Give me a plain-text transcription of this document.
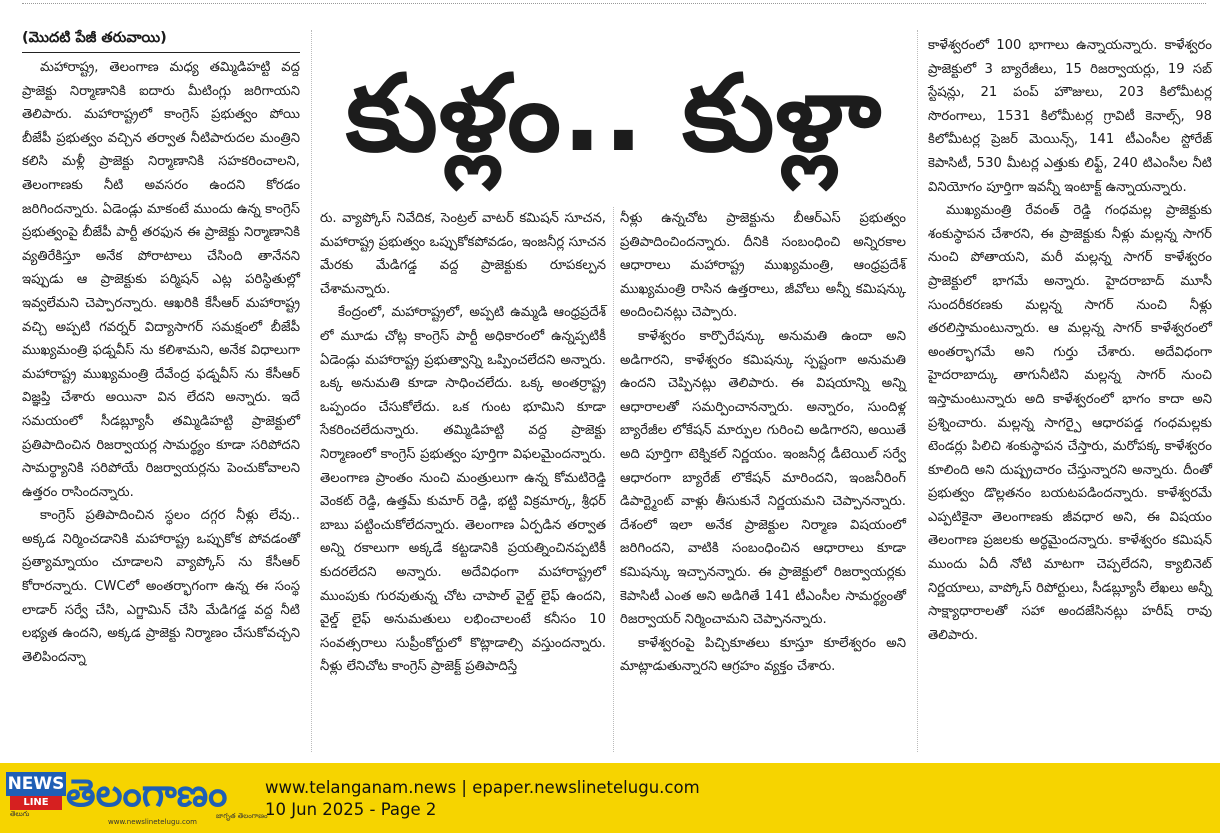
(మొదటి పేజీ తరువాయి)
కుళ్లం.. కుళ్లా

మహారాష్ట్ర, తెలంగాణ మధ్య తమ్మిడిహట్టి వద్ద ప్రాజెక్టు నిర్మాణానికి ఐదారు మీటింగ్లు జరిగాయని తెలిపారు. మహారాష్ట్రలో కాంగ్రెస్ ప్రభుత్వం పోయి బీజేపీ ప్రభుత్వం వచ్చిన తర్వాత నీటిపారుదల మంత్రిని కలిసి మళ్లీ ప్రాజెక్టు నిర్మాణానికి సహకరించాలని, తెలంగాణకు నీటి అవసరం ఉందని కోరడం జరిగిందన్నారు. ఏడెండ్లు మాకంటే ముందు ఉన్న కాంగ్రెస్ ప్రభుత్వంపై బీజేపీ పార్టీ తరఫున ఈ ప్రాజెక్టు నిర్మాణానికి వ్యతిరేకిస్తూ అనేక పోరాటాలు చేసింది తానేనని ఇప్పుడు ఆ ప్రాజెక్టుకు పర్మిషన్ ఎట్ల పరిస్థితుల్లో ఇవ్వలేమని చెప్పారన్నారు. ఆఖరికి కేసీఆర్ మహారాష్ట్ర వచ్చి అప్పటి గవర్నర్ విద్యాసాగర్ సమక్షంలో బీజేపీ ముఖ్యమంత్రి ఫడ్నవీస్ ను కలిశామని, అనేక విధాలుగా మహారాష్ట్ర ముఖ్యమంత్రి దేవేంద్ర ఫడ్నవీస్ ను కేసీఆర్ విజ్ఞప్తి చేశారు అయినా విన లేదని అన్నారు. ఇదే సమయంలో సీడబ్ల్యూసీ తమ్మిడిహట్టి ప్రాజెక్టులో ప్రతిపాదించిన రిజర్వాయర్ల సామర్థ్యం కూడా సరిపోదని సామర్థ్యానికి సరిపోయే రిజర్వాయర్లను పెంచుకోవాలని ఉత్తరం రాసిందన్నారు.

కాంగ్రెస్ ప్రతిపాదించిన స్థలం దగ్గర నీళ్లు లేవు.. అక్కడ నిర్మించడానికి మహారాష్ట్ర ఒప్పుకోక పోవడంతో ప్రత్యామ్నాయం చూడాలని వ్యాప్కోస్ ను కేసీఆర్ కోరారన్నారు. CWCలో అంతర్భాగంగా ఉన్న ఈ సంస్థ లాడార్ సర్వే చేసి, ఎగ్జామిన్ చేసి మేడిగడ్డ వద్ద నీటి లభ్యత ఉందని, అక్కడ ప్రాజెక్టు నిర్మాణం చేసుకోవచ్చని తెలిపిందన్నా

రు. వ్యాప్కోస్ నివేదిక, సెంట్రల్ వాటర్ కమిషన్ సూచన, మహారాష్ట్ర ప్రభుత్వం ఒప్పుకోకపోవడం, ఇంజనీర్ల సూచన మేరకు మేడిగడ్డ వద్ద ప్రాజెక్టుకు రూపకల్పన చేశామన్నారు.

కేంద్రంలో, మహారాష్ట్రలో, అప్పటి ఉమ్మడి ఆంధ్రప్రదేశ్ లో మూడు చోట్ల కాంగ్రెస్ పార్టీ అధికారంలో ఉన్నప్పటికీ ఏడెండ్లు మహారాష్ట్ర ప్రభుత్వాన్ని ఒప్పించలేదని అన్నారు. ఒక్క అనుమతి కూడా సాధించలేదు. ఒక్క అంతర్రాష్ట్ర ఒప్పందం చేసుకోలేదు. ఒక గుంట భూమిని కూడా సేకరించలేదున్నారు. తమ్మిడిహట్టి వద్ద ప్రాజెక్టు నిర్మాణంలో కాంగ్రెస్ ప్రభుత్వం పూర్తిగా విఫలమైందన్నారు. తెలంగాణ ప్రాంతం నుంచి మంత్రులుగా ఉన్న కోమటిరెడ్డి వెంకట్ రెడ్డి, ఉత్తమ్ కుమార్ రెడ్డి, భట్టి విక్రమార్క, శ్రీధర్ బాబు పట్టించుకోలేదన్నారు. తెలంగాణ ఏర్పడిన తర్వాత అన్ని రకాలుగా అక్కడే కట్టడానికి ప్రయత్నించినప్పటికీ కుదరలేదని అన్నారు. అదేవిధంగా మహారాష్ట్రలో ముంపుకు గురవుతున్న చోట చాపాల్ వైల్డ్ లైఫ్ ఉందని, వైల్డ్ లైఫ్ అనుమతులు లభించాలంటే కనీసం 10 సంవత్సరాలు సుప్రీంకోర్టులో కొట్లాడాల్సి వస్తుందన్నారు. నీళ్లు లేనిచోట కాంగ్రెస్ ప్రాజెక్ట్ ప్రతిపాదిస్తే

నీళ్లు ఉన్నచోట ప్రాజెక్టును బీఆర్ఎస్ ప్రభుత్వం ప్రతిపాదించిందన్నారు. దీనికి సంబంధించి అన్నిరకాల ఆధారాలు మహారాష్ట్ర ముఖ్యమంత్రి, ఆంధ్రప్రదేశ్ ముఖ్యమంత్రి రాసిన ఉత్తరాలు, జీవోలు అన్నీ కమిషన్కు అందించినట్లు చెప్పారు.

కాళేశ్వరం కార్పొరేషన్కు అనుమతి ఉందా అని అడిగారని, కాళేశ్వరం కమిషన్కు స్పష్టంగా అనుమతి ఉందని చెప్పినట్లు తెలిపారు. ఈ విషయాన్ని అన్ని ఆధారాలతో సమర్పించానన్నారు. అన్నారం, సుందిళ్ల బ్యారేజీల లోకేషన్ మార్పుల గురించి అడిగారని, అయితే అది పూర్తిగా టెక్నికల్ నిర్ణయం. ఇంజనీర్ల డీటెయిల్ సర్వే ఆధారంగా బ్యారేజ్ లొకేషన్ మారిందని, ఇంజనీరింగ్ డిపార్ట్మెంట్ వాళ్లు తీసుకునే నిర్ణయమని చెప్పానన్నారు. దేశంలో ఇలా అనేక ప్రాజెక్టుల నిర్మాణ విషయంలో జరిగిందని, వాటికి సంబంధించిన ఆధారాలు కూడా కమిషన్కు ఇచ్చానన్నారు. ఈ ప్రాజెక్టులో రిజర్వాయర్లకు కెపాసిటీ ఎంత అని అడిగితే 141 టీఎంసీల సామర్థ్యంతో రిజర్వాయర్ నిర్మించామని చెప్పానన్నారు.

కాళేశ్వరంపై పిచ్చికూతలు కూస్తూ కూలేశ్వరం అని మాట్లాడుతున్నారని ఆగ్రహం వ్యక్తం చేశారు.

కాళేశ్వరంలో 100 భాగాలు ఉన్నాయన్నారు. కాళేశ్వరం ప్రాజెక్టులో 3 బ్యారేజీలు, 15 రిజర్వాయర్లు, 19 సబ్ స్టేషన్లు, 21 పంప్ హౌజులు, 203 కిలోమీటర్ల సొరంగాలు, 1531 కిలోమీటర్ల గ్రావిటీ కెనాల్స్, 98 కిలోమీటర్ల ప్రెజర్ మెయిన్స్, 141 టీఎంసీల స్టోరేజ్ కెపాసిటీ, 530 మీటర్ల ఎత్తుకు లిఫ్ట్, 240 టిఎంసీల నీటి వినియోగం పూర్తిగా ఇవన్నీ ఇంటాక్ట్ ఉన్నాయన్నారు.

ముఖ్యమంత్రి రేవంత్ రెడ్డి గంధమల్ల ప్రాజెక్టుకు శంకుస్థాపన చేశారని, ఈ ప్రాజెక్టుకు నీళ్లు మల్లన్న సాగర్ నుంచి పోతాయని, మరీ మల్లన్న సాగర్ కాళేశ్వరం ప్రాజెక్టులో భాగమే అన్నారు. హైదరాబాద్ మూసీ సుందరీకరణకు మల్లన్న సాగర్ నుంచి నీళ్లు తరలిస్తామంటున్నారు. ఆ మల్లన్న సాగర్ కాళేశ్వరంలో అంతర్భాగమే అని గుర్తు చేశారు. అదేవిధంగా హైదరాబాద్కు తాగునీటిని మల్లన్న సాగర్ నుంచి ఇస్తామంటున్నారు అది కాళేశ్వరంలో భాగం కాదా అని ప్రశ్నించారు. మల్లన్న సాగర్పై ఆధారపడ్డ గంధమల్లకు టెండర్లు పిలిచి శంకుస్థాపన చేస్తారు, మరోపక్క కాళేశ్వరం కూలింది అని దుష్ప్రచారం చేస్తున్నారని అన్నారు. దీంతో ప్రభుత్వం డొల్లతనం బయటపడిందన్నారు. కాళేశ్వరమే ఎప్పటికైనా తెలంగాణకు జీవధార అని, ఈ విషయం తెలంగాణ ప్రజలకు అర్థమైందన్నారు. కాళేశ్వరం కమిషన్ ముందు ఏదీ నోటి మాటగా చెప్పలేదని, క్యాబినెట్ నిర్ణయాలు, వాప్కోస్ రిపోర్టులు, సీడబ్ల్యూసీ లేఖలు అన్నీ సాక్ష్యాధారాలతో సహా అందజేసినట్లు హరీష్ రావు తెలిపారు.

NEWS
LINE
తెలుగు తెలంగాణం
www.newslinetelugu.com
జాగృత తెలంగాణం
www.telanganam.news | epaper.newslinetelugu.com
10 Jun 2025 - Page 2
